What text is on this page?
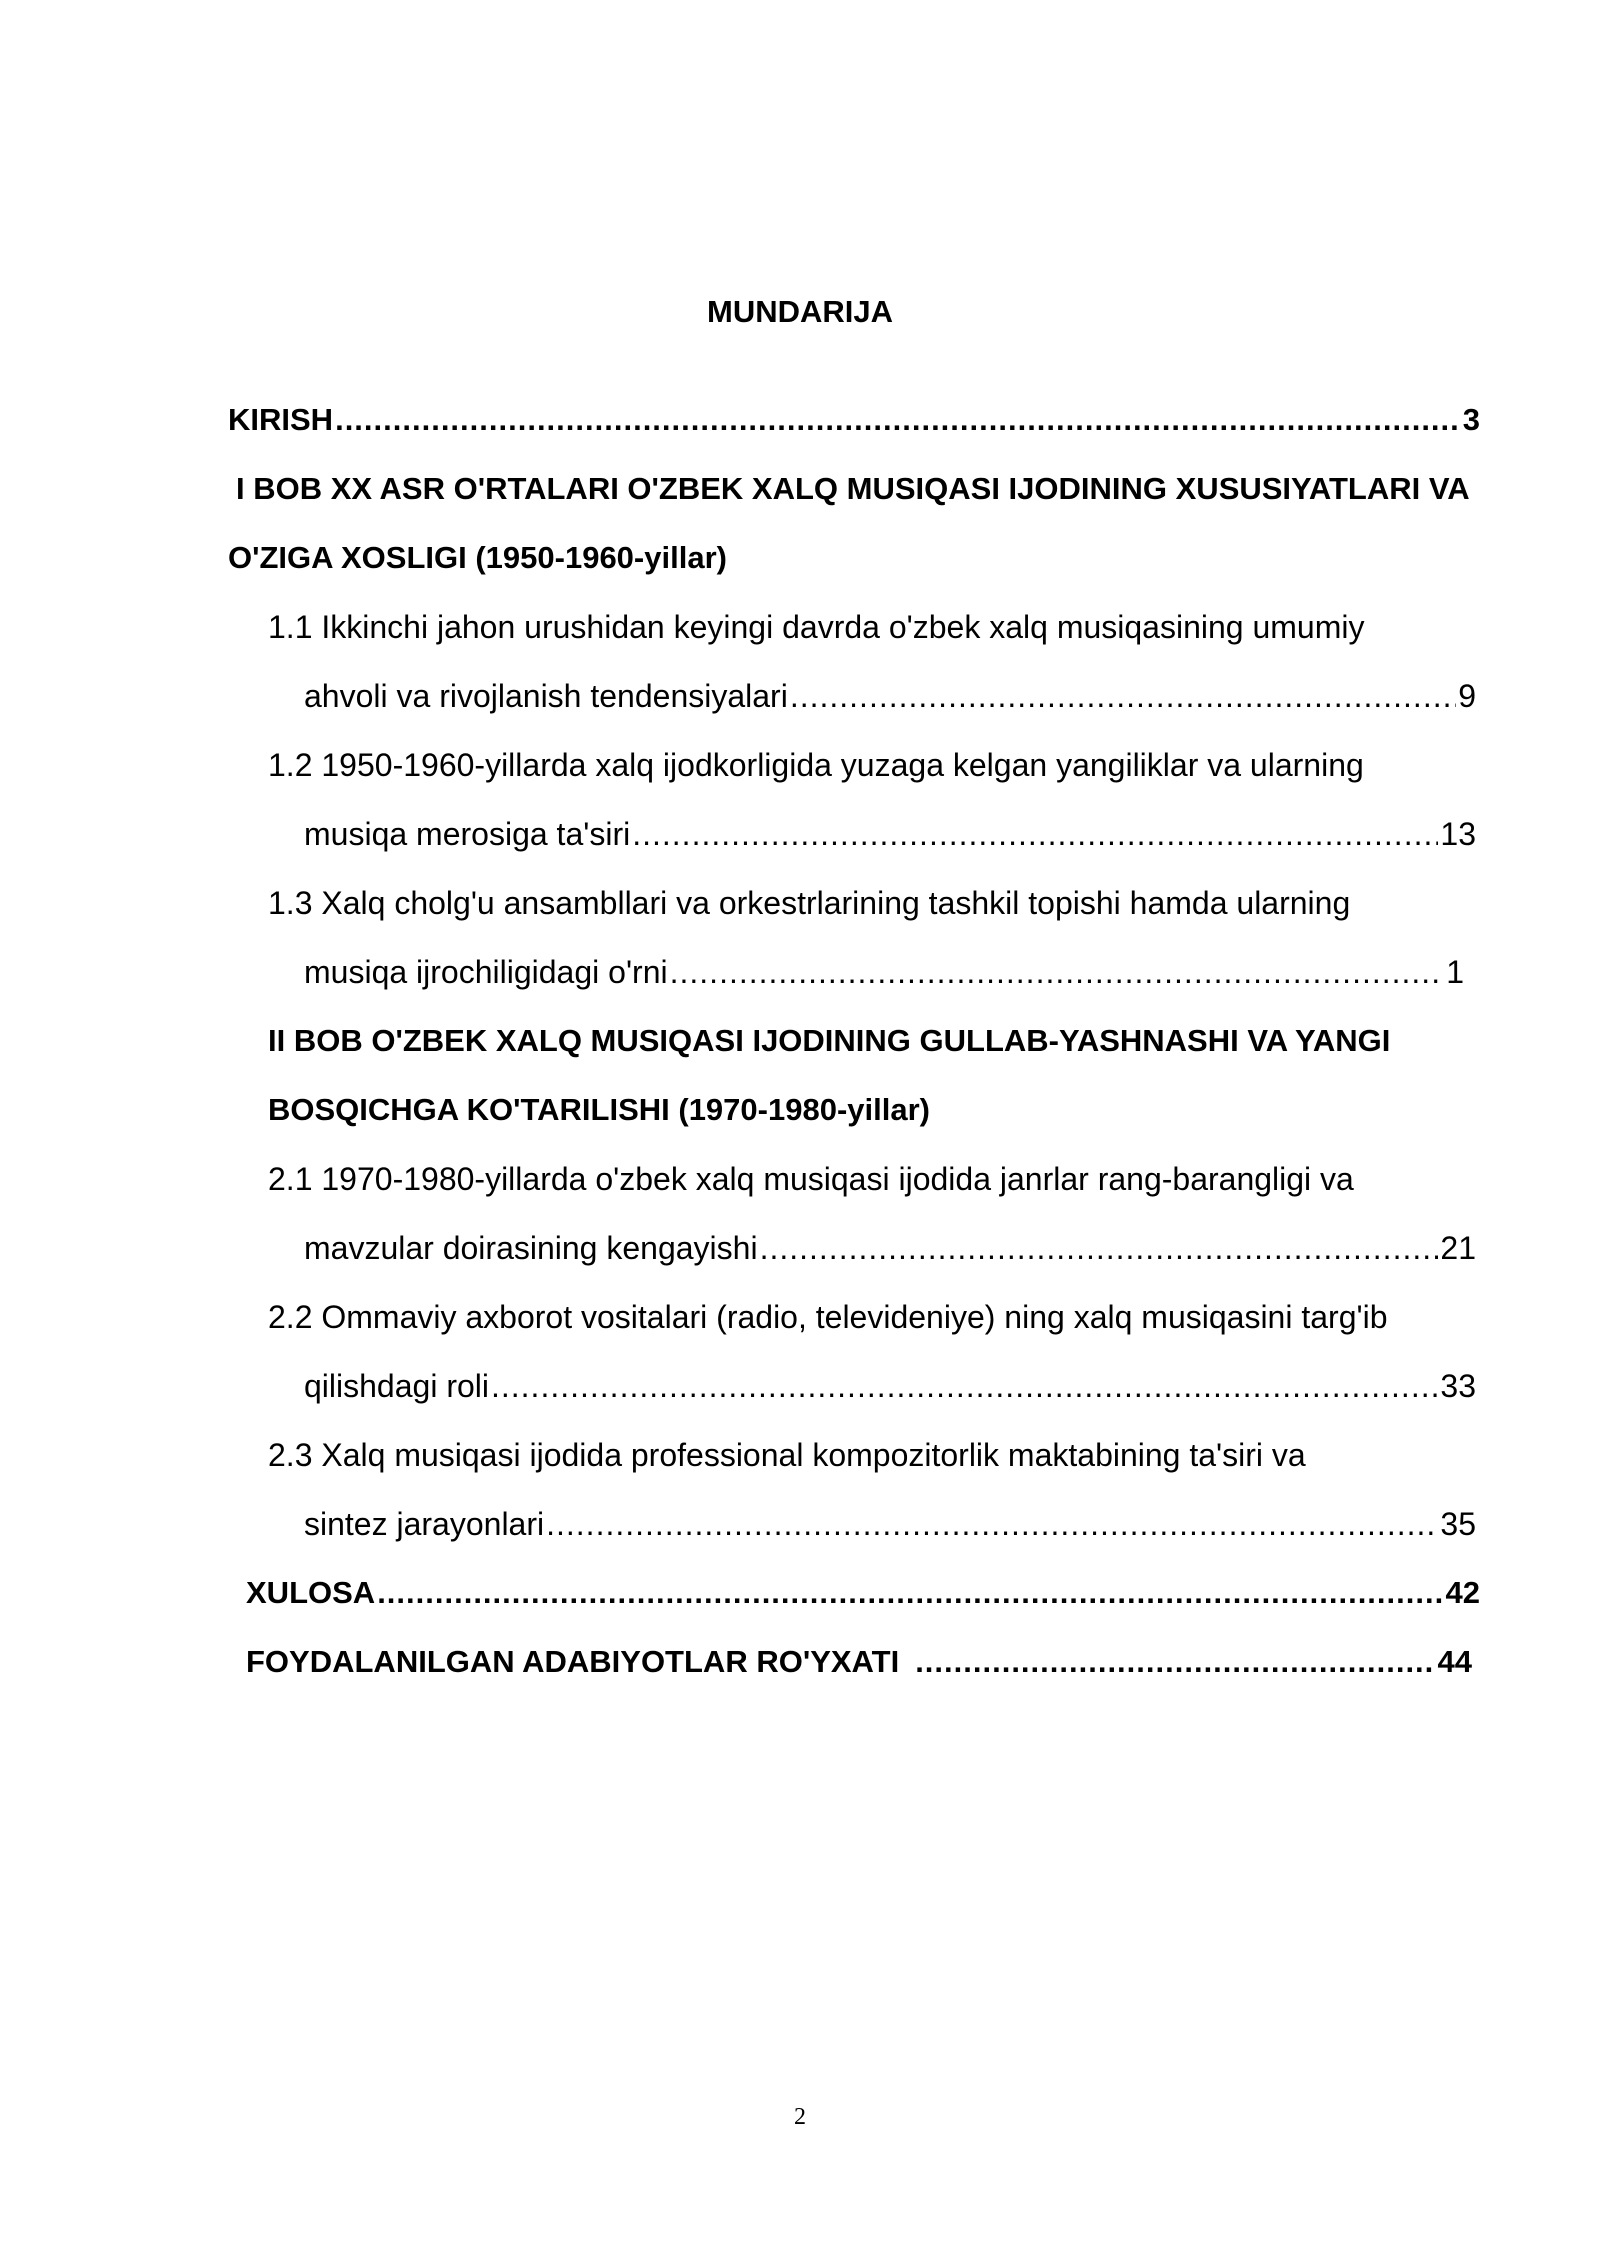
MUNDARIJA
KIRISH .....	3
I BOB XX ASR O'RTALARI O'ZBEK XALQ MUSIQASI IJODINING XUSUSIYATLARI VA
O'ZIGA XOSLIGI (1950-1960-yillar)
1.1 Ikkinchi jahon urushidan keyingi davrda o'zbek xalq musiqasining umumiy
ahvoli va rivojlanish tendensiyalari .....	9
1.2 1950-1960-yillarda xalq ijodkorligida yuzaga kelgan yangiliklar va ularning
musiqa merosiga ta'siri .....	13
1.3 Xalq cholg'u ansambllari va orkestrlarining tashkil topishi hamda ularning
musiqa ijrochiligidagi o'rni .....	1
II BOB O'ZBEK XALQ MUSIQASI IJODINING GULLAB-YASHNASHI VA YANGI
BOSQICHGA KO'TARILISHI (1970-1980-yillar)
2.1 1970-1980-yillarda o'zbek xalq musiqasi ijodida janrlar rang-barangligi va
mavzular doirasining kengayishi .....	21
2.2 Ommaviy axborot vositalari (radio, televideniye) ning xalq musiqasini targ'ib
qilishdagi roli .....	33
2.3 Xalq musiqasi ijodida professional kompozitorlik maktabining ta'siri va
sintez jarayonlari .....	35
XULOSA .....	42
FOYDALANILGAN ADABIYOTLAR RO'YXATI .....	44
2
